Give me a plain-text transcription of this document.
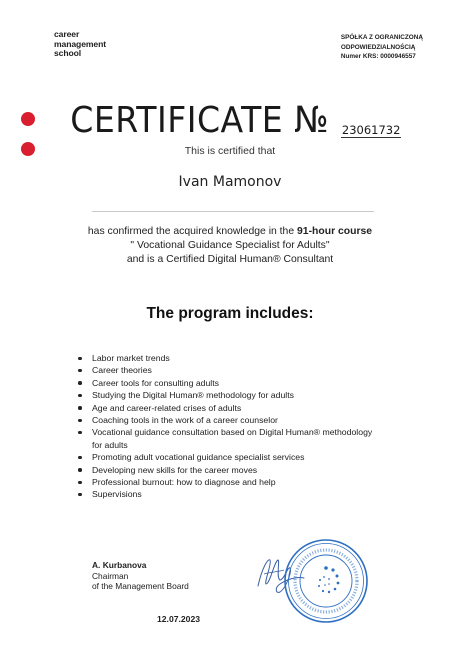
career
management
school
SPÓŁKA Z OGRANICZONĄ
ODPOWIEDZIALNOŚCIĄ
Numer KRS: 0000946557
CERTIFICATE № 23061732
This is certified that
Ivan Mamonov
has confirmed the acquired knowledge in the 91-hour course
" Vocational Guidance Specialist for Adults"
and is a Certified Digital Human® Consultant
The program includes:
Labor market trends
Career theories
Career tools for consulting adults
Studying the Digital Human® methodology for adults
Age and career-related crises of adults
Coaching tools in the work of a career counselor
Vocational guidance consultation based on Digital Human® methodology for adults
Promoting adult vocational guidance specialist services
Developing new skills for the career moves
Professional burnout: how to diagnose and help
Supervisions
A. Kurbanova
Chairman
of the Management Board
12.07.2023
